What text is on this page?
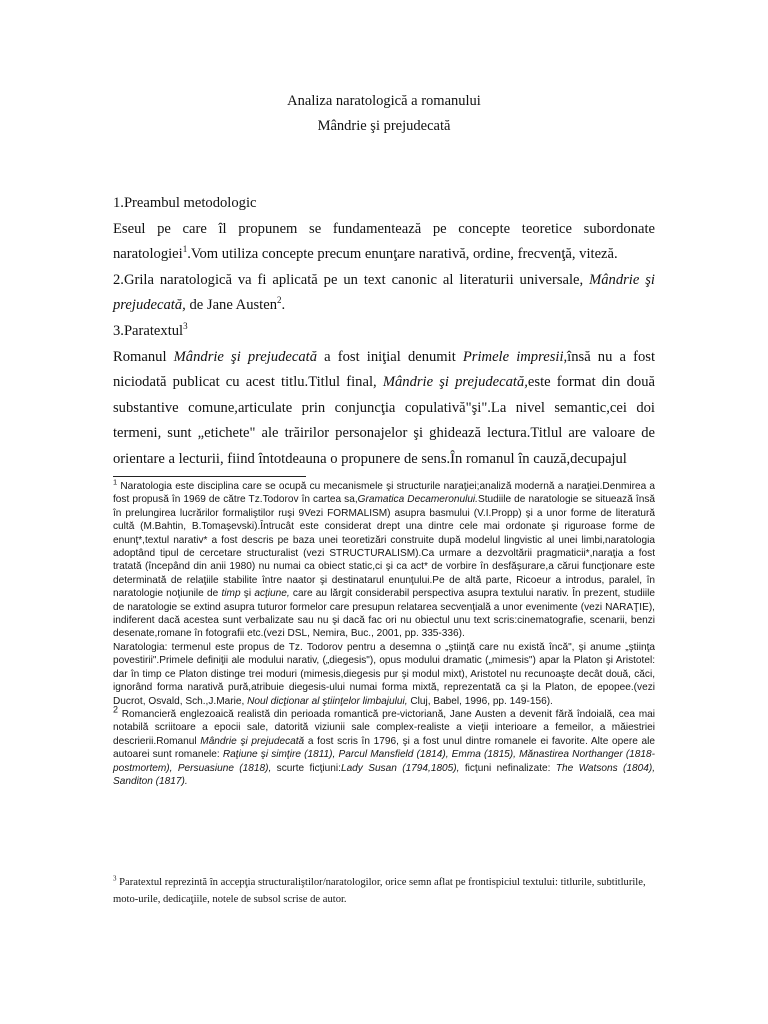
Analiza naratologică a romanului
Mândrie şi prejudecată

1.Preambul metodologic

Eseul pe care îl propunem se fundamentează pe concepte teoretice subordonate naratologiei$^1$.Vom utiliza concepte precum enunţare narativă, ordine, frecvenţă, viteză.

2.Grila naratologică va fi aplicată pe un text canonic al literaturii universale, Mândrie şi prejudecată, de Jane Austen$^2$.

3.Paratextul$^3$

Romanul Mândrie şi prejudecată a fost iniţial denumit Primele impresii,însă nu a fost niciodată publicat cu acest titlu.Titlul final, Mândrie şi prejudecată,este format din două substantive comune,articulate prin conjuncţia copulativă"şi".La nivel semantic,cei doi termeni, sunt „etichete" ale trăirilor personajelor şi ghidează lectura.Titlul are valoare de orientare a lecturii, fiind întotdeauna o propunere de sens.În romanul în cauză,decupajul

$^1$ Naratologia este disciplina care se ocupă cu mecanismele şi structurile naraţiei;analiză modernă a naraţiei.Denmirea a fost propusă în 1969 de către Tz.Todorov în cartea sa,Gramatica Decameronului.Studiile de naratologie se situează însă în prelungirea lucrărilor formaliştilor ruşi 9Vezi FORMALISM) asupra basmului (V.I.Propp) şi a unor forme de literatură cultă (M.Bahtin, B.Tomaşevski).Întrucât este considerat drept una dintre cele mai ordonate şi riguroase forme de enunţ*,textul narativ* a fost descris pe baza unei teoretizări construite după modelul lingvistic al unei limbi,naratologia adoptând tipul de cercetare structuralist (vezi STRUCTURALISM).Ca urmare a dezvoltării pragmaticii*,naraţia a fost tratată (începând din anii 1980) nu numai ca obiect static,ci şi ca act* de vorbire în desfăşurare,a cărui funcţionare este determinată de relaţiile stabilite între naator şi destinatarul enunţului.Pe de altă parte, Ricoeur a introdus, paralel, în naratologie noţiunile de timp şi acţiune, care au lărgit considerabil perspectiva asupra textului narativ. În prezent, studiile de naratologie se extind asupra tuturor formelor care presupun relatarea secvenţială a unor evenimente (vezi NARAŢIE), indiferent dacă acestea sunt verbalizate sau nu şi dacă fac ori nu obiectul unu text scris:cinematografie, scenarii, benzi desenate,romane în fotografii etc.(vezi DSL, Nemira, Buc., 2001, pp. 335-336).

Naratologia: termenul este propus de Tz. Todorov pentru a desemna o „ştiinţă care nu există încă", şi anume „ştiinţa povestirii".Primele definiţii ale modului narativ, („diegesis"), opus modului dramatic („mimesis") apar la Platon şi Aristotel: dar în timp ce Platon distinge trei moduri (mimesis,diegesis pur şi modul mixt), Aristotel nu recunoaşte decât două, căci, ignorând forma narativă pură,atribuie diegesis-ului numai forma mixtă, reprezentată ca şi la Platon, de epopee.(vezi Ducrot, Osvald, Sch.,J.Marie, Noul dicţionar al ştiinţelor limbajului, Cluj, Babel, 1996, pp. 149-156).

2 Romancieră englezoaică realistă din perioada romantică pre-victoriană, Jane Austen a devenit fără îndoială, cea mai notabilă scriitoare a epocii sale, datorită viziunii sale complex-realiste a vieţii interioare a femeilor, a măiestriei descrierii.Romanul Mândrie şi prejudecată a fost scris în 1796, şi a fost unul dintre romanele ei favorite. Alte opere ale autoarei sunt romanele: Raţiune şi simţire (1811), Parcul Mansfield (1814), Emma (1815), Mănastirea Northanger (1818-postmortem), Persuasiune (1818), scurte ficţiuni:Lady Susan (1794,1805), ficţuni nefinalizate: The Watsons (1804), Sanditon (1817).

$^3$ Paratextul reprezintă în accepţia structuraliştilor/naratologilor, orice semn aflat pe frontispiciul textului: titlurile, subtitlurile, moto-urile, dedicaţiile, notele de subsol scrise de autor.
